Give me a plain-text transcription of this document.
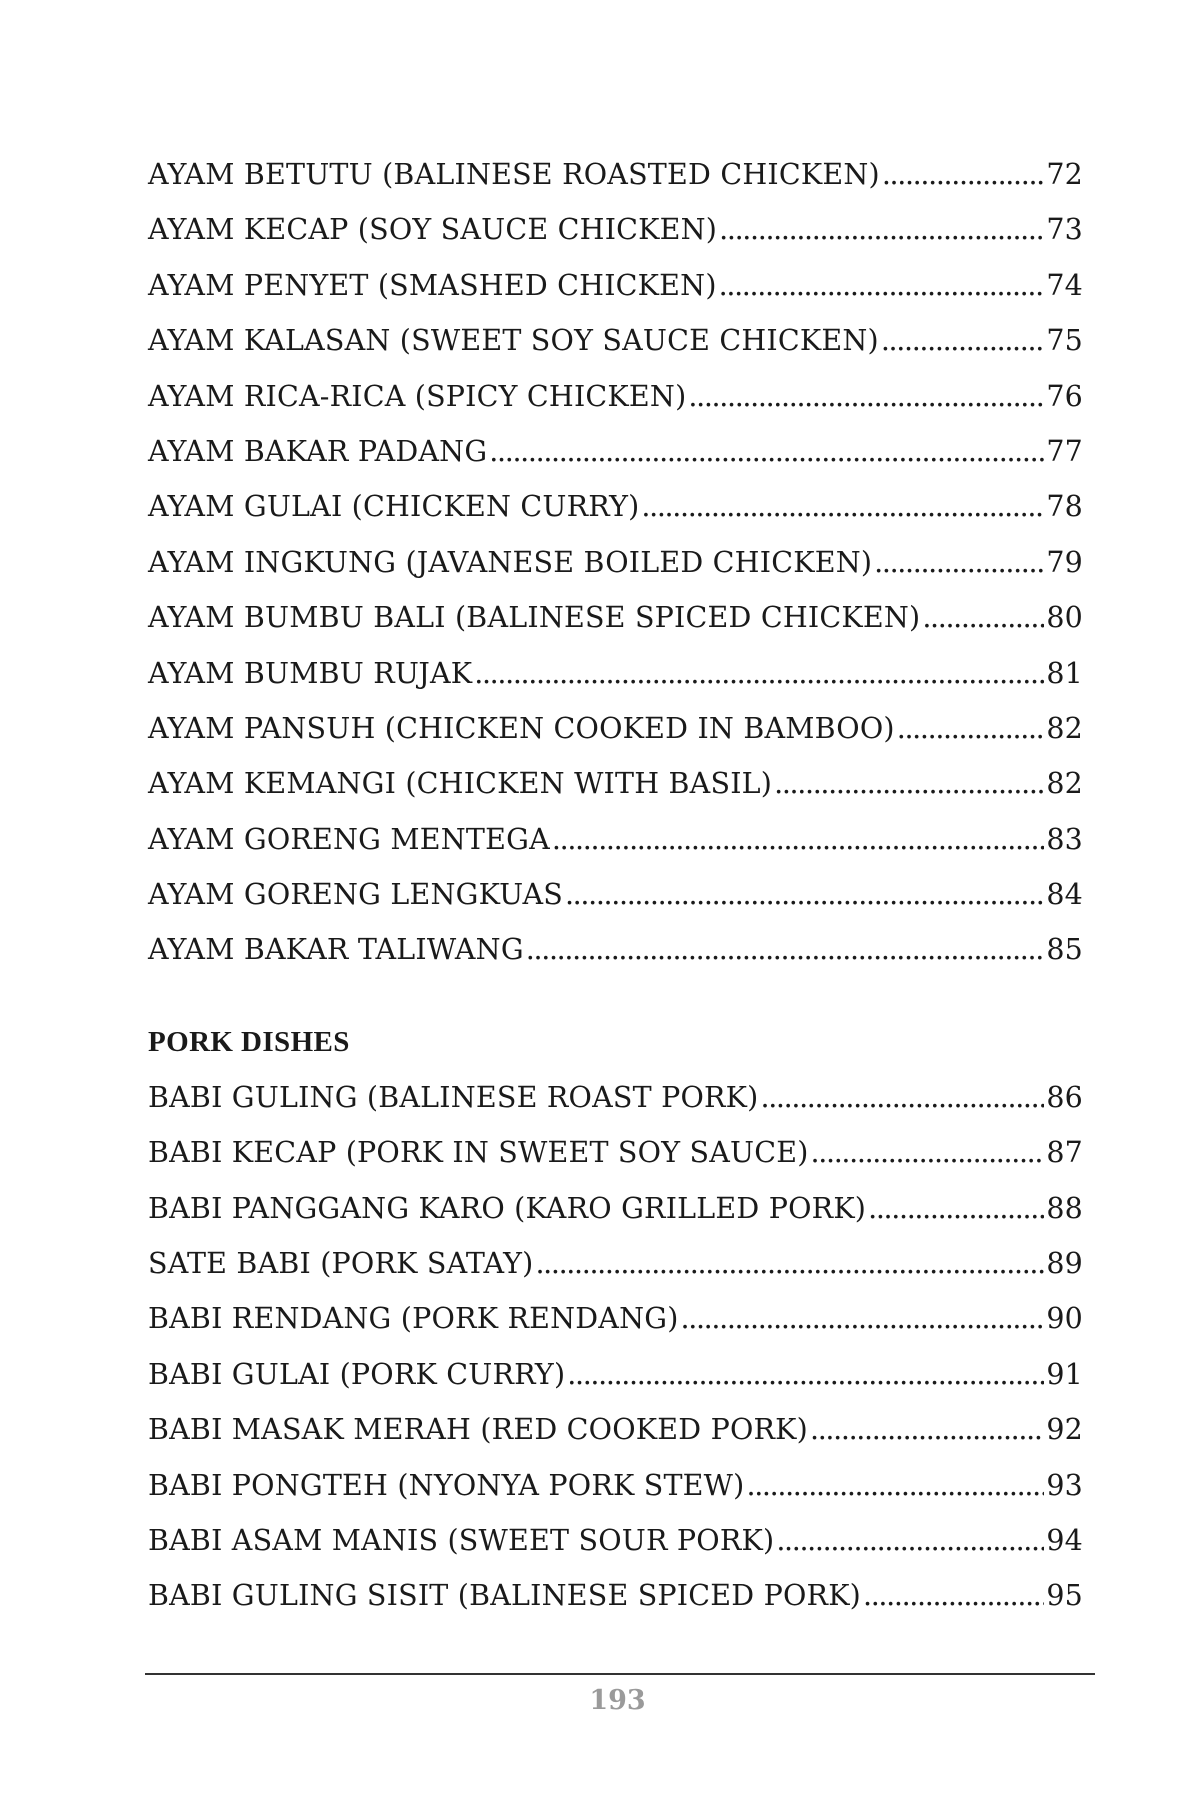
AYAM BETUTU (BALINESE ROASTED CHICKEN) . . .	72
AYAM KECAP (SOY SAUCE CHICKEN) . . .	73
AYAM PENYET (SMASHED CHICKEN) . . .	74
AYAM KALASAN (SWEET SOY SAUCE CHICKEN) . . .	75
AYAM RICA-RICA (SPICY CHICKEN) . . .	76
AYAM BAKAR PADANG . . .	77
AYAM GULAI (CHICKEN CURRY) . . .	78
AYAM INGKUNG (JAVANESE BOILED CHICKEN) . . .	79
AYAM BUMBU BALI (BALINESE SPICED CHICKEN) . . .	80
AYAM BUMBU RUJAK . . .	81
AYAM PANSUH (CHICKEN COOKED IN BAMBOO) . . .	82
AYAM KEMANGI (CHICKEN WITH BASIL) . . .	82
AYAM GORENG MENTEGA . . .	83
AYAM GORENG LENGKUAS . . .	84
AYAM BAKAR TALIWANG . . .	85
PORK DISHES
BABI GULING (BALINESE ROAST PORK) . . .	86
BABI KECAP (PORK IN SWEET SOY SAUCE) . . .	87
BABI PANGGANG KARO (KARO GRILLED PORK) . . .	88
SATE BABI (PORK SATAY) . . .	89
BABI RENDANG (PORK RENDANG) . . .	90
BABI GULAI (PORK CURRY) . . .	91
BABI MASAK MERAH (RED COOKED PORK) . . .	92
BABI PONGTEH (NYONYA PORK STEW) . . .	93
BABI ASAM MANIS (SWEET SOUR PORK) . . .	94
BABI GULING SISIT (BALINESE SPICED PORK) . . .	95
193
